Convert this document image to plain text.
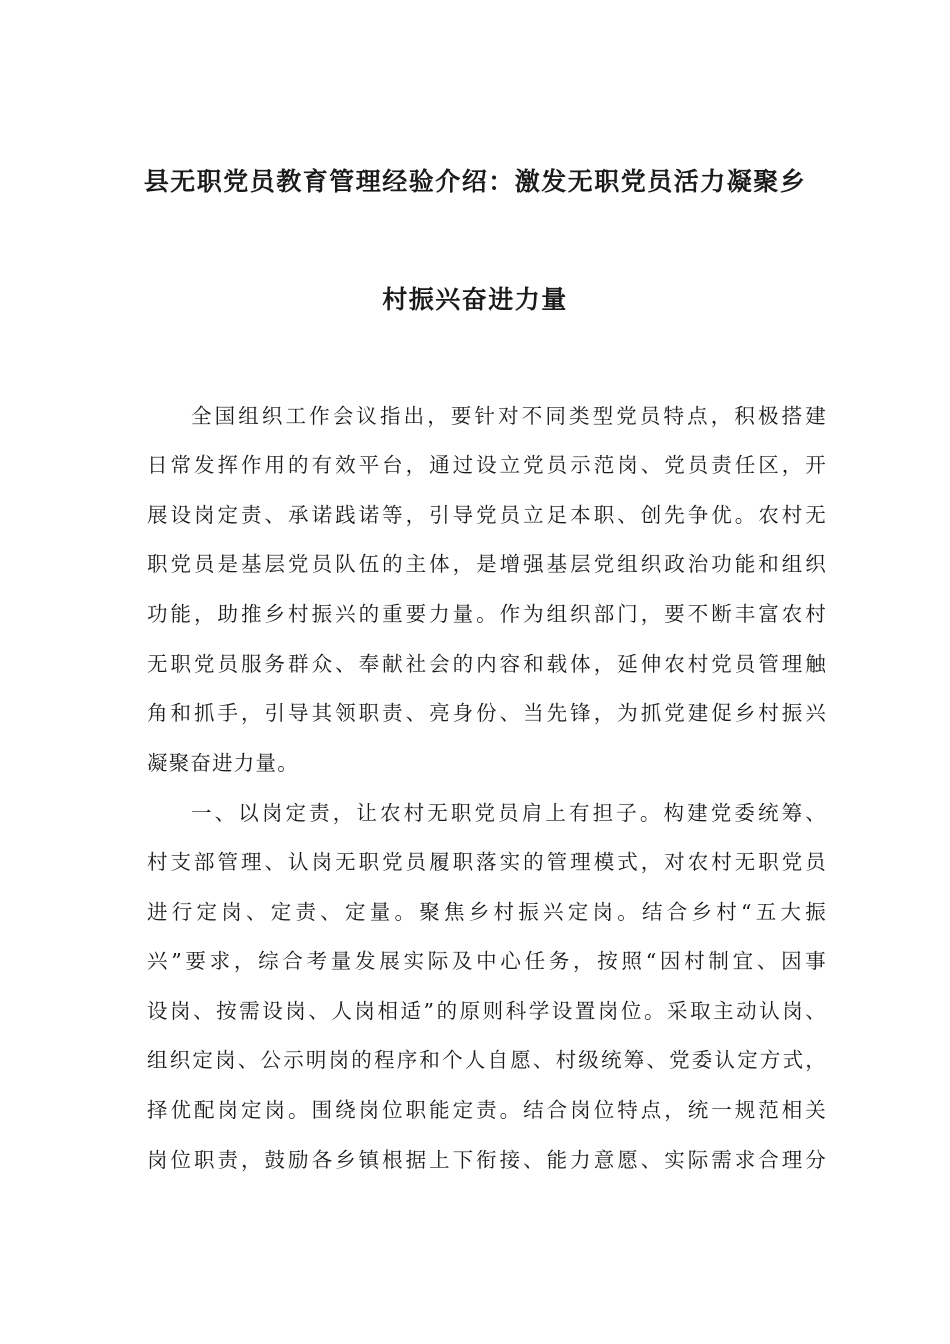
县无职党员教育管理经验介绍：激发无职党员活力凝聚乡
村振兴奋进力量
全国组织工作会议指出，要针对不同类型党员特点，积极搭建
日常发挥作用的有效平台，通过设立党员示范岗、党员责任区，开
展设岗定责、承诺践诺等，引导党员立足本职、创先争优。农村无
职党员是基层党员队伍的主体，是增强基层党组织政治功能和组织
功能，助推乡村振兴的重要力量。作为组织部门，要不断丰富农村
无职党员服务群众、奉献社会的内容和载体，延伸农村党员管理触
角和抓手，引导其领职责、亮身份、当先锋，为抓党建促乡村振兴
凝聚奋进力量。
一、以岗定责，让农村无职党员肩上有担子。构建党委统筹、
村支部管理、认岗无职党员履职落实的管理模式，对农村无职党员
进行定岗、定责、定量。聚焦乡村振兴定岗。结合乡村“五大振
兴”要求，综合考量发展实际及中心任务，按照“因村制宜、因事
设岗、按需设岗、人岗相适”的原则科学设置岗位。采取主动认岗、
组织定岗、公示明岗的程序和个人自愿、村级统筹、党委认定方式，
择优配岗定岗。围绕岗位职能定责。结合岗位特点，统一规范相关
岗位职责，鼓励各乡镇根据上下衔接、能力意愿、实际需求合理分
